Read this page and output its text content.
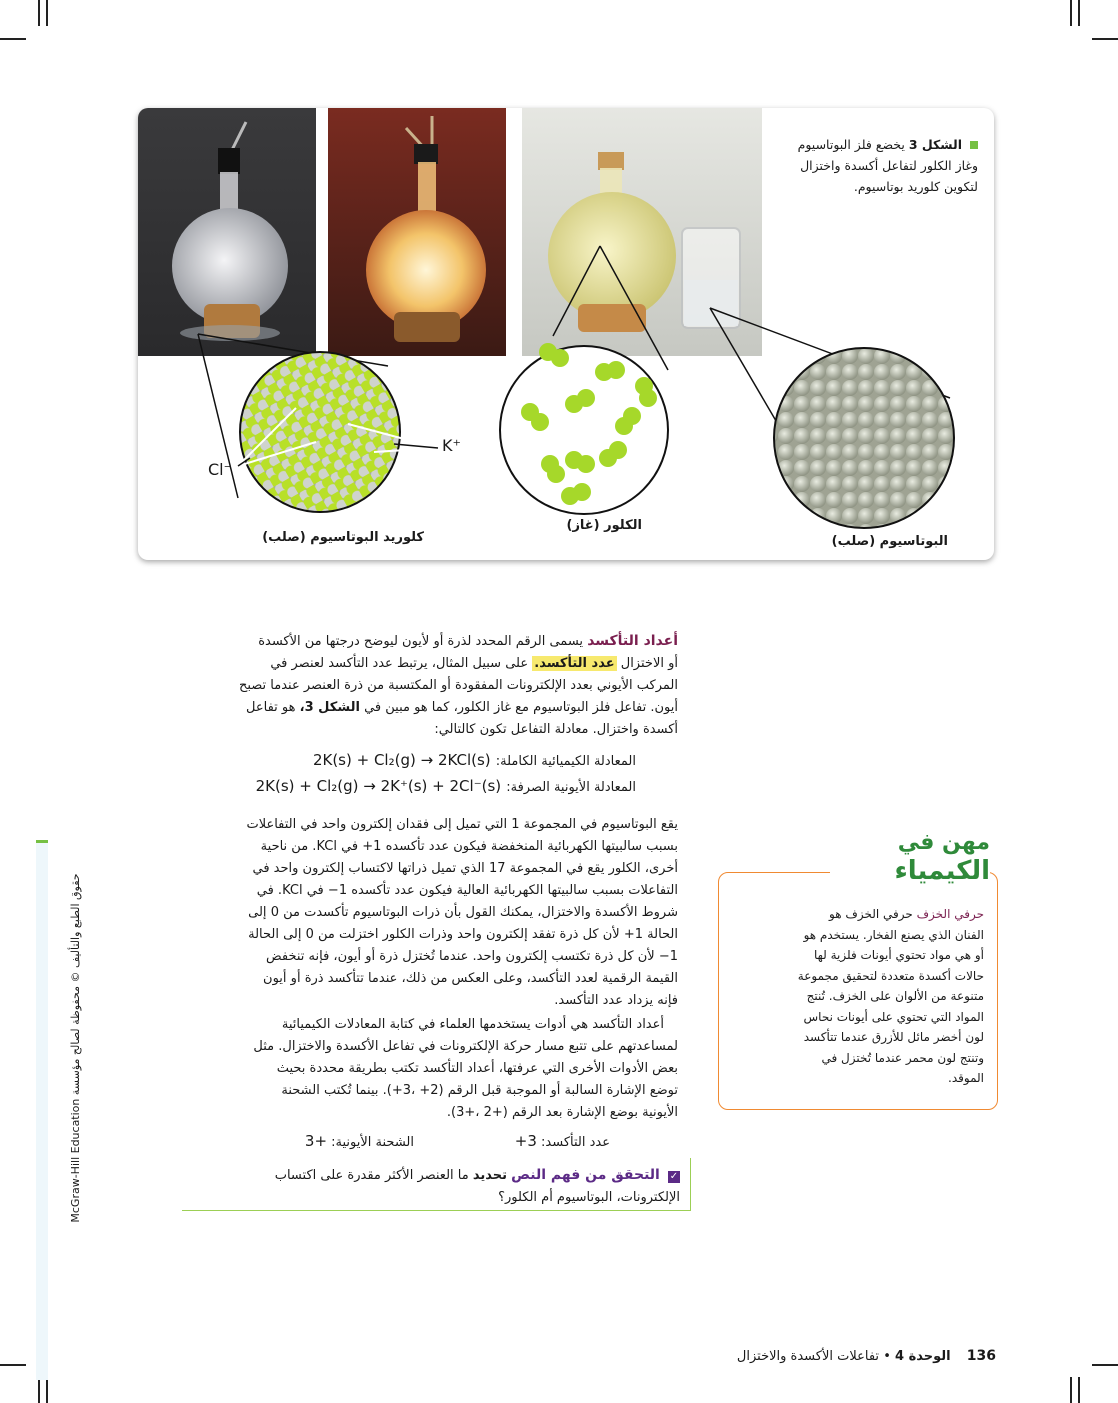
McGraw-Hill Education حقوق الطبع والتأليف © محفوظة لصالح مؤسسة
الشكل 3 يخضع فلز البوتاسيوم
وغاز الكلور لتفاعل أكسدة واختزال
لتكوين كلوريد بوتاسيوم.
Cl⁻
K⁺
كلوريد البوتاسيوم (صلب)
الكلور (غاز)
البوتاسيوم (صلب)
أعداد التأكسد يسمى الرقم المحدد لذرة أو لأيون ليوضح درجتها من الأكسدة
أو الاختزال عدد التأكسد. على سبيل المثال، يرتبط عدد التأكسد لعنصر في
المركب الأيوني بعدد الإلكترونات المفقودة أو المكتسبة من ذرة العنصر عندما تصبح
أيون. تفاعل فلز البوتاسيوم مع غاز الكلور، كما هو مبين في الشكل 3، هو تفاعل
أكسدة واختزال. معادلة التفاعل تكون كالتالي:
المعادلة الكيميائية الكاملة: 2K(s) + Cl₂(g) → 2KCl(s)
المعادلة الأيونية الصرفة: 2K(s) + Cl₂(g) → 2K⁺(s) + 2Cl⁻(s)
يقع البوتاسيوم في المجموعة 1 التي تميل إلى فقدان إلكترون واحد في التفاعلات
بسبب سالبيتها الكهربائية المنخفضة فيكون عدد تأكسده 1+ في KCl. من ناحية
أخرى، الكلور يقع في المجموعة 17 الذي تميل ذراتها لاكتساب إلكترون واحد في
التفاعلات بسبب سالبيتها الكهربائية العالية فيكون عدد تأكسده 1− في KCl. في
شروط الأكسدة والاختزال، يمكنك القول بأن ذرات البوتاسيوم تأكسدت من 0 إلى
الحالة 1+ لأن كل ذرة تفقد إلكترون واحد وذرات الكلور اختزلت من 0 إلى الحالة
1− لأن كل ذرة تكتسب إلكترون واحد. عندما تُختزل ذرة أو أيون، فإنه تنخفض
القيمة الرقمية لعدد التأكسد، وعلى العكس من ذلك، عندما تتأكسد ذرة أو أيون
فإنه يزداد عدد التأكسد.
أعداد التأكسد هي أدوات يستخدمها العلماء في كتابة المعادلات الكيميائية
لمساعدتهم على تتبع مسار حركة الإلكترونات في تفاعل الأكسدة والاختزال. مثل
بعض الأدوات الأخرى التي عرفتها، أعداد التأكسد تكتب بطريقة محددة بحيث
توضع الإشارة السالبة أو الموجبة قبل الرقم (2+ ،3+). بينما تُكتب الشحنة
الأيونية بوضع الإشارة بعد الرقم (+2 ،+3).
عدد التأكسد: 3+
الشحنة الأيونية: +3
✓ التحقق من فهم النص تحديد ما العنصر الأكثر مقدرة على اكتساب
الإلكترونات، البوتاسيوم أم الكلور؟
مهن في
الكيمياء
حرفي الخزف حرفي الخزف هو
الفنان الذي يصنع الفخار. يستخدم هو
أو هي مواد تحتوي أيونات فلزية لها
حالات أكسدة متعددة لتحقيق مجموعة
متنوعة من الألوان على الخزف. تُنتج
المواد التي تحتوي على أيونات نحاس
لون أخضر مائل للأزرق عندما تتأكسد
وتنتج لون محمر عندما تُختزل في
الموقد.
136 الوحدة 4 • تفاعلات الأكسدة والاختزال
